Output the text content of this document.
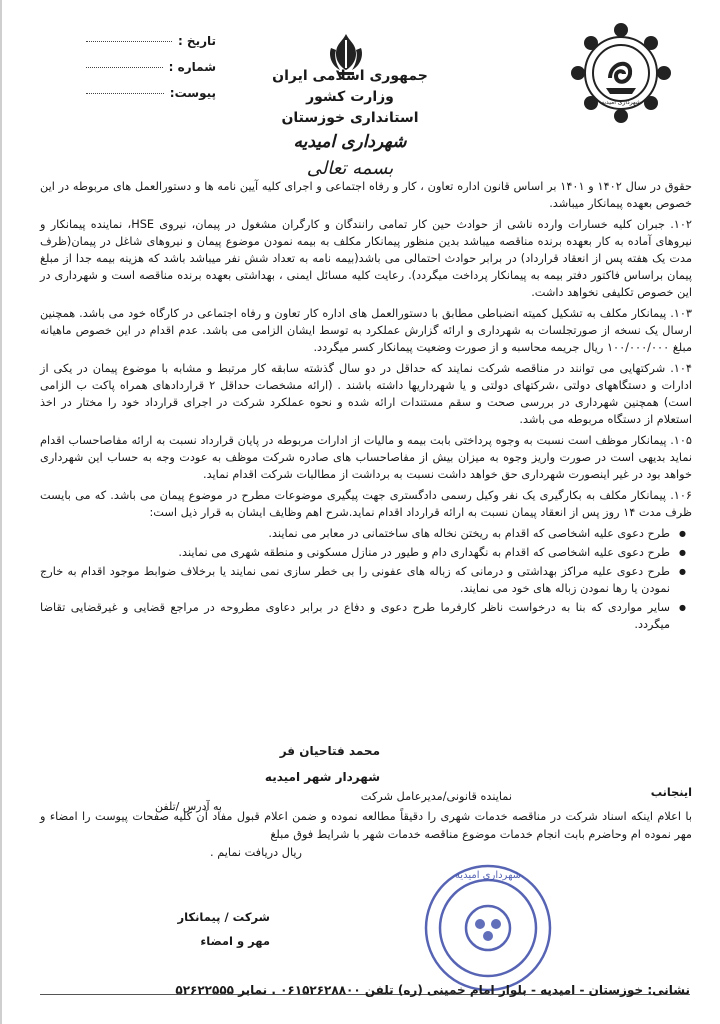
تاریخ :
شماره :
پیوست:
جمهوری اسلامی ایران
وزارت کشور
استانداری خوزستان
شهرداری امیدیه
شهرداری امیدیه
بسمه تعالی

حقوق در سال ۱۴۰۲ و ۱۴۰۱ بر اساس قانون اداره تعاون ، کار و رفاه اجتماعی و اجرای کلیه آیین نامه ها و دستورالعمل های مربوطه در این خصوص بعهده پیمانکار میباشد.

۱۰۲. جبران کلیه خسارات وارده ناشی از حوادث حین کار تمامی رانندگان و کارگران مشغول در پیمان، نیروی HSE، نماینده پیمانکار و نیروهای آماده به کار بعهده برنده مناقصه میباشد بدین منظور پیمانکار مکلف به بیمه نمودن موضوع پیمان و نیروهای شاغل در پیمان(ظرف مدت یک هفته پس از انعقاد قرارداد) در برابر حوادث احتمالی می باشد(بیمه نامه به تعداد شش نفر میباشد باشد که هزینه بیمه جدا از مبلغ پیمان براساس فاکتور دفتر بیمه به پیمانکار پرداخت میگردد). رعایت کلیه مسائل ایمنی ، بهداشتی بعهده برنده مناقصه است و شهرداری در این خصوص تکلیفی نخواهد داشت.

۱۰۳. پیمانکار مکلف به تشکیل کمیته انضباطی مطابق با دستورالعمل های اداره کار تعاون و رفاه اجتماعی در کارگاه خود می باشد. همچنین ارسال یک نسخه از صورتجلسات به شهرداری و ارائه گزارش عملکرد به توسط ایشان الزامی می باشد. عدم اقدام در این خصوص ماهیانه مبلغ ۱۰۰/۰۰۰/۰۰۰ ریال جریمه محاسبه و از صورت وضعیت پیمانکار کسر میگردد.

۱۰۴. شرکتهایی می توانند در مناقصه شرکت نمایند که حداقل در دو سال گذشته سابقه کار مرتبط و مشابه با موضوع پیمان در یکی از ادارات و دستگاههای دولتی ،شرکتهای دولتی و یا شهرداریها داشته باشند . (ارائه مشخصات حداقل ۲ قراردادهای همراه پاکت ب الزامی است) همچنین شهرداری در بررسی صحت و سقم مستندات ارائه شده و نحوه عملکرد شرکت در اجرای قرارداد خود را مختار در اخذ استعلام از دستگاه مربوطه می باشد.

۱۰۵. پیمانکار موظف است نسبت به وجوه پرداختی بابت بیمه و مالیات از ادارات مربوطه در پایان قرارداد نسبت به ارائه مفاصاحساب اقدام نماید بدیهی است در صورت واریز وجوه به میزان بیش از مفاصاحساب های صادره شرکت موظف به عودت وجه به حساب این شهرداری خواهد بود در غیر اینصورت شهرداری حق خواهد داشت نسبت به برداشت از مطالبات شرکت اقدام نماید.

۱۰۶. پیمانکار مکلف به بکارگیری یک نفر وکیل رسمی دادگستری جهت پیگیری موضوعات مطرح در موضوع پیمان می باشد. که می بایست ظرف مدت ۱۴ روز پس از انعقاد پیمان نسبت به ارائه قرارداد اقدام نماید.شرح اهم وظایف ایشان به قرار ذیل است:

● طرح دعوی علیه اشخاصی که اقدام به ریختن نخاله های ساختمانی در معابر می نمایند.
● طرح دعوی علیه اشخاصی که اقدام به نگهداری دام و طیور در منازل مسکونی و منطقه شهری می نمایند.
● طرح دعوی علیه مراکز بهداشتی و درمانی که زباله های عفونی را بی خطر سازی نمی نمایند یا برخلاف ضوابط موجود اقدام به خارج نمودن یا رها نمودن زباله های خود می نمایند.
● سایر مواردی که بنا به درخواست ناظر کارفرما طرح دعوی و دفاع در برابر دعاوی مطروحه در مراجع قضایی و غیرقضایی تقاضا میگردد.
محمد فتاحیان فر
شهردار شهر امیدیه
اینجانب
نماینده قانونی/مدیرعامل شرکت
به آدرس /تلفن
با اعلام اینکه اسناد شرکت در مناقصه خدمات شهری را دقیقاً مطالعه نموده و ضمن اعلام قبول مفاد آن کلیه صفحات پیوست را امضاء و مهر نموده ام وحاضرم بابت انجام خدمات موضوع مناقصه خدمات شهر با شرایط فوق مبلغ
ریال دریافت نمایم .
شرکت / پیمانکار
مهر و امضاء
شهرداری امیدیه
نشانی: خوزستان - امیدیه - بلوار امام خمینی (ره) تلفن ۰۶۱۵۲۶۲۸۸۰۰ . نمابر ۵۲۶۲۲۵۵۵
